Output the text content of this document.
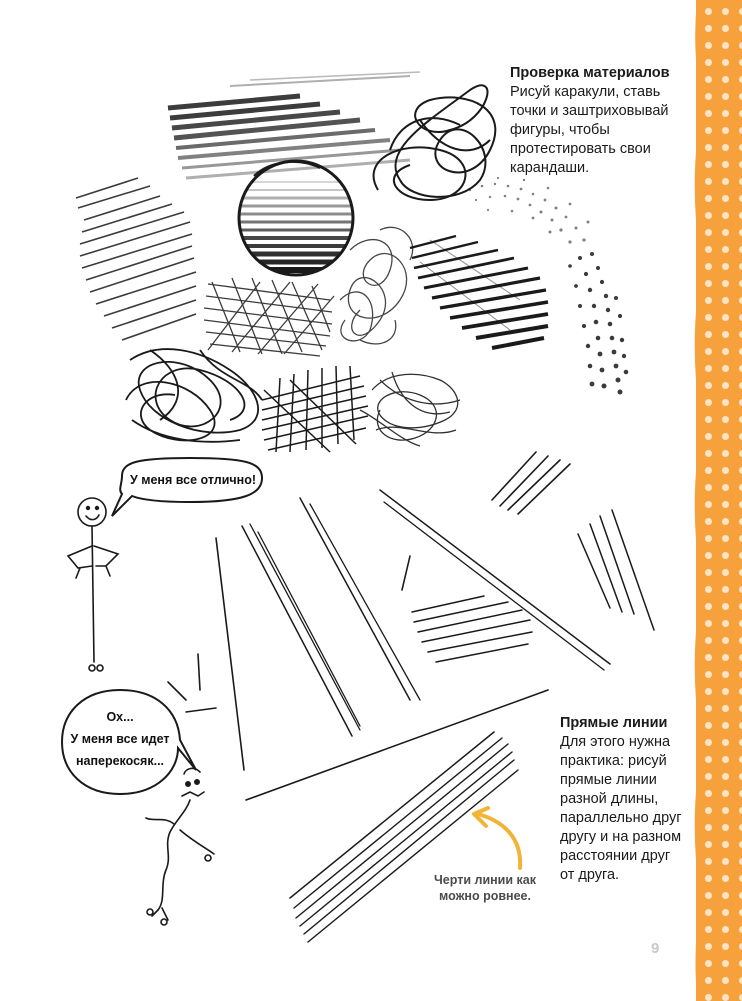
Проверка материалов

Рисуй каракули, ставь

точки и заштриховывай

фигуры, чтобы

протестировать свои

карандаши.

Прямые линии

Для этого нужна

практика: рисуй

прямые линии

разной длины,

параллельно друг

другу и на разном

расстоянии друг

от друга.

У меня все отлично!
Ох...
У меня все идет
наперекосяк...
Черти линии как
можно ровнее.
9
